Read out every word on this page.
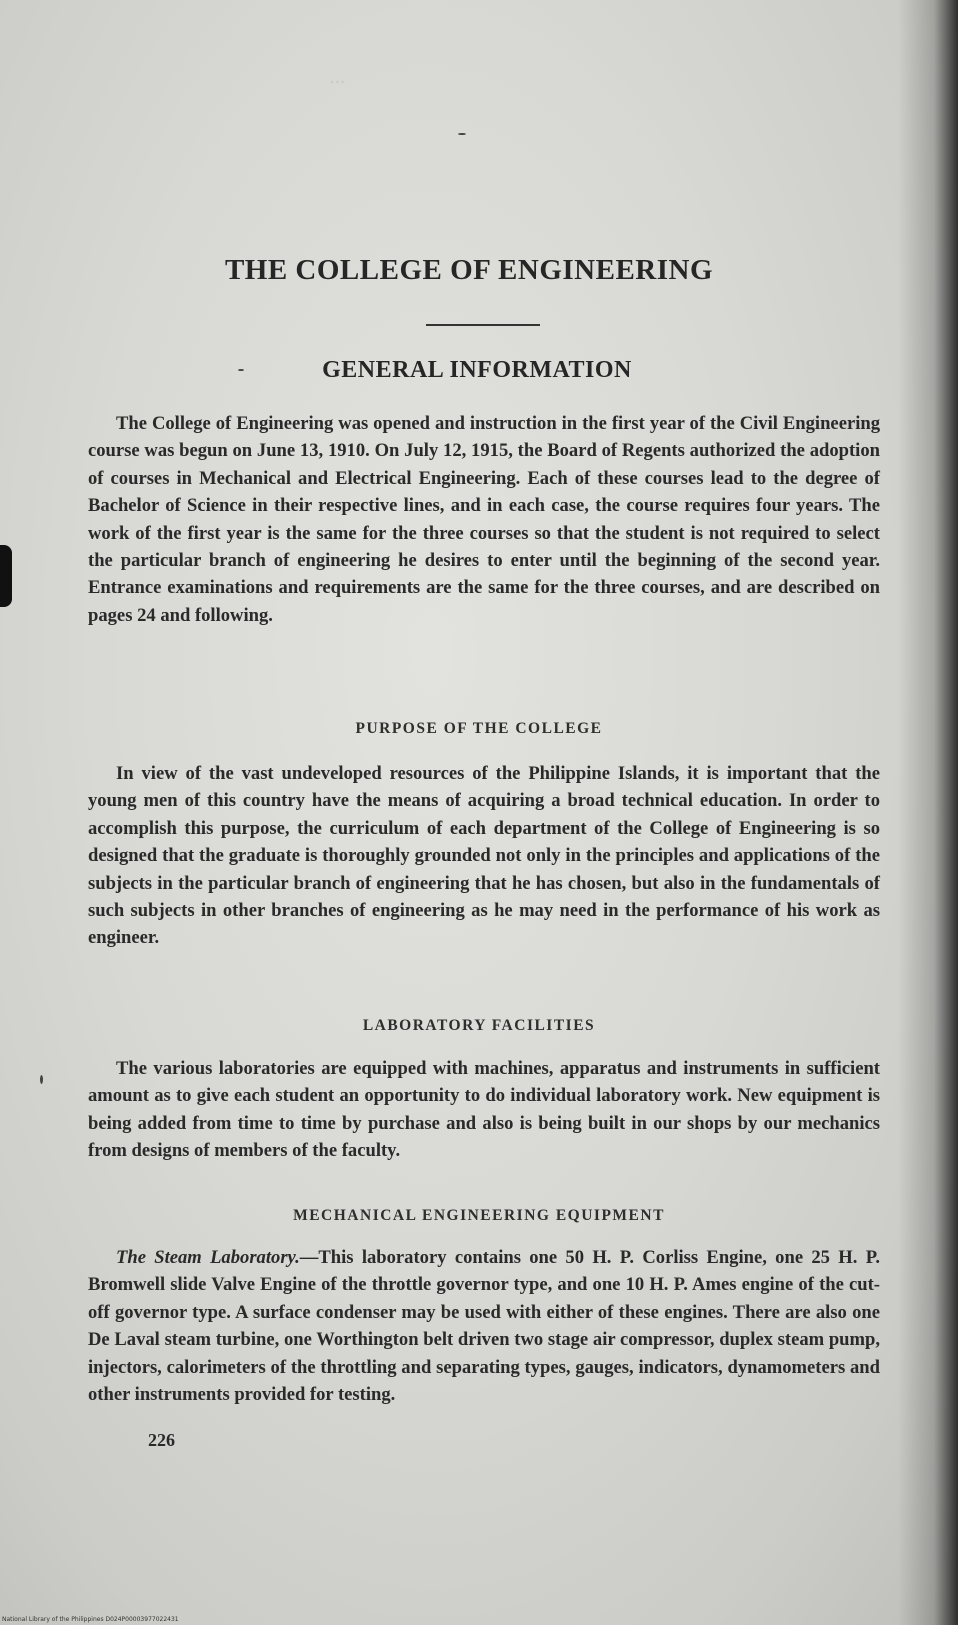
...
THE COLLEGE OF ENGINEERING
GENERAL INFORMATION

The College of Engineering was opened and instruction in the first year of the Civil Engineering course was begun on June 13, 1910. On July 12, 1915, the Board of Regents authorized the adoption of courses in Mechanical and Electrical Engineering. Each of these courses lead to the degree of Bachelor of Science in their respective lines, and in each case, the course requires four years. The work of the first year is the same for the three courses so that the student is not required to select the particular branch of engineering he desires to enter until the beginning of the second year. Entrance examinations and requirements are the same for the three courses, and are described on pages 24 and following.

PURPOSE OF THE COLLEGE

In view of the vast undeveloped resources of the Philippine Islands, it is important that the young men of this country have the means of acquiring a broad technical education. In order to accomplish this purpose, the curriculum of each department of the College of Engineering is so designed that the graduate is thoroughly grounded not only in the principles and applications of the subjects in the particular branch of engineering that he has chosen, but also in the fundamentals of such subjects in other branches of engineering as he may need in the performance of his work as engineer.

LABORATORY FACILITIES

The various laboratories are equipped with machines, apparatus and instruments in sufficient amount as to give each student an opportunity to do individual laboratory work. New equipment is being added from time to time by purchase and also is being built in our shops by our mechanics from designs of members of the faculty.

MECHANICAL ENGINEERING EQUIPMENT

The Steam Laboratory.—This laboratory contains one 50 H. P. Corliss Engine, one 25 H. P. Bromwell slide Valve Engine of the throttle governor type, and one 10 H. P. Ames engine of the cut-off governor type. A surface condenser may be used with either of these engines. There are also one De Laval steam turbine, one Worthington belt driven two stage air compressor, duplex steam pump, injectors, calorimeters of the throttling and separating types, gauges, indicators, dynamometers and other instruments provided for testing.

226
National Library of the Philippines D024P00003977022431
